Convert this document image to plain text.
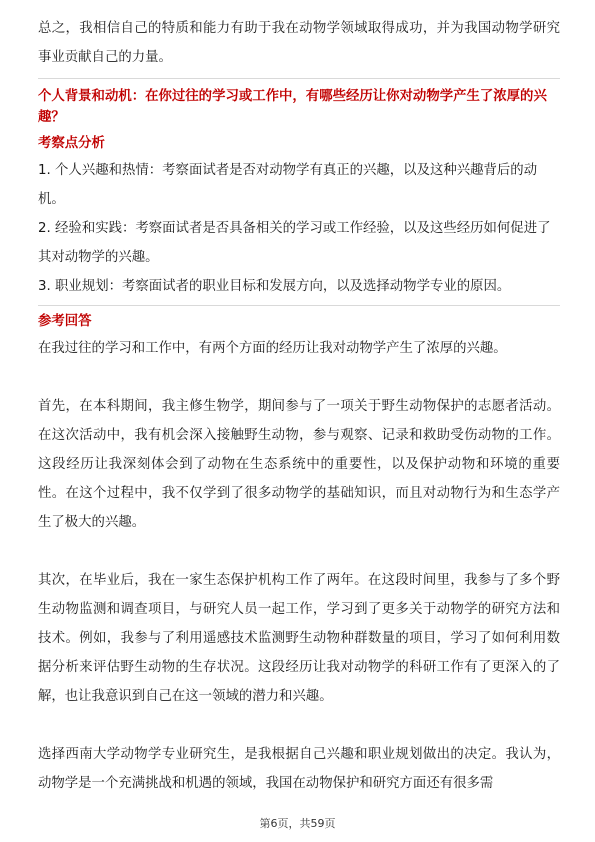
总之，我相信自己的特质和能力有助于我在动物学领域取得成功，并为我国动物学研究事业贡献自己的力量。

个人背景和动机：在你过往的学习或工作中，有哪些经历让你对动物学产生了浓厚的兴趣？

考察点分析

1. 个人兴趣和热情：考察面试者是否对动物学有真正的兴趣，以及这种兴趣背后的动机。

2. 经验和实践：考察面试者是否具备相关的学习或工作经验，以及这些经历如何促进了其对动物学的兴趣。

3. 职业规划：考察面试者的职业目标和发展方向，以及选择动物学专业的原因。

参考回答

在我过往的学习和工作中，有两个方面的经历让我对动物学产生了浓厚的兴趣。

首先，在本科期间，我主修生物学，期间参与了一项关于野生动物保护的志愿者活动。在这次活动中，我有机会深入接触野生动物，参与观察、记录和救助受伤动物的工作。这段经历让我深刻体会到了动物在生态系统中的重要性，以及保护动物和环境的重要性。在这个过程中，我不仅学到了很多动物学的基础知识，而且对动物行为和生态学产生了极大的兴趣。

其次，在毕业后，我在一家生态保护机构工作了两年。在这段时间里，我参与了多个野生动物监测和调查项目，与研究人员一起工作，学习到了更多关于动物学的研究方法和技术。例如，我参与了利用遥感技术监测野生动物种群数量的项目，学习了如何利用数据分析来评估野生动物的生存状况。这段经历让我对动物学的科研工作有了更深入的了解，也让我意识到自己在这一领域的潜力和兴趣。

选择西南大学动物学专业研究生，是我根据自己兴趣和职业规划做出的决定。我认为，动物学是一个充满挑战和机遇的领域，我国在动物保护和研究方面还有很多需

第6页，共59页
